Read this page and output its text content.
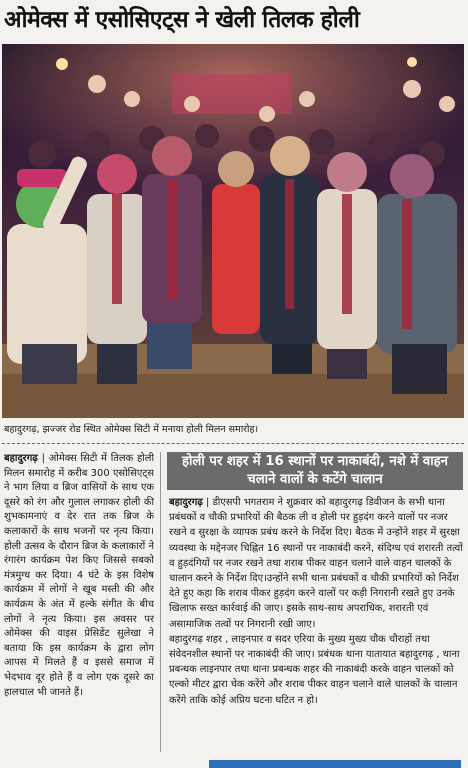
ओमेक्स में एसोसिएट्स ने खेली तिलक होली
बहादुरगढ़, झज्जर रोड स्थित ओमेक्स सिटी में मनाया होली मिलन समारोह।
बहादुरगढ़ | ओमेक्स सिटी में तिलक होली मिलन समारोह में करीब 300 एसोसिएट्स ने भाग लिया व ब्रिज वासियों के साथ एक दूसरे को रंग और गुलाल लगाकर होली की शुभकामनाएं व देर रात तक ब्रिज के कलाकारों के साथ भजनों पर नृत्य किया।होली उत्सव के दौरान ब्रिज के कलाकारों ने रंगारंग कार्यक्रम पेश किए जिससे सबको मंत्रमुग्ध कर दिया। 4 घंटे के इस विशेष कार्यक्रम में लोगों ने खूब मस्ती की और कार्यक्रम के अंत में हल्के संगीत के बीच लोगों ने नृत्य किया। इस अवसर पर ओमेक्स की वाइस प्रेसिडेंट सुलेखा ने बताया कि इस कार्यक्रम के द्वारा लोग आपस में मिलते हैं व इससे समाज में भेदभाव दूर होते हैं व लोग एक दूसरे का हालचाल भी जानते हैं।
होली पर शहर में 16 स्थानों पर नाकाबंदी, नशे में वाहन चलाने वालों के कटेंगे चालान

बहादुरगढ़ | डीएसपी भगतराम ने शुक्रवार को बहादुरगढ़ डिवीजन के सभी थाना प्रबंधकों व चौकी प्रभारियों की बैठक ली व होली पर हुड़दंग करने वालों पर नजर रखने व सुरक्षा के व्यापक प्रबंध करने के निर्देश दिए। बैठक में उन्होंने शहर में सुरक्षा व्यवस्था के मद्देनजर चिह्नित 16 स्थानों पर नाकाबंदी करने, संदिग्ध एवं शरारती तत्वों व हुड़दंगियों पर नजर रखने तथा शराब पीकर वाहन चलाने वाले वाहन चालकों के चालान करने के निर्देश दिए।उन्होंने सभी थाना प्रबंधकों व चौकी प्रभारियों को निर्देश देते हुए कहा कि शराब पीकर हुड़दंग करने वालों पर कड़ी निगरानी रखते हुए उनके खिलाफ सख्त कार्रवाई की जाए। इसके साथ-साथ अपराधिक, शरारती एवं असामाजिक तत्वों पर निगरानी रखी जाए।

बहादुरगढ़ शहर , लाइनपार व सदर एरिया के मुख्य मुख्य चौक चौराहों तथा संवेदनशील स्थानों पर नाकाबंदी की जाए। प्रबंधक थाना यातायात बहादुरगढ़ , थाना प्रबन्धक लाइनपार तथा थाना प्रबन्धक शहर की नाकाबंदी करके वाहन चालकों को एल्को मीटर द्वारा चेक करेंगे और शराब पीकर वाहन चलाने वाले चालकों के चालान करेंगे ताकि कोई अप्रिय घटना घटित न हो।
